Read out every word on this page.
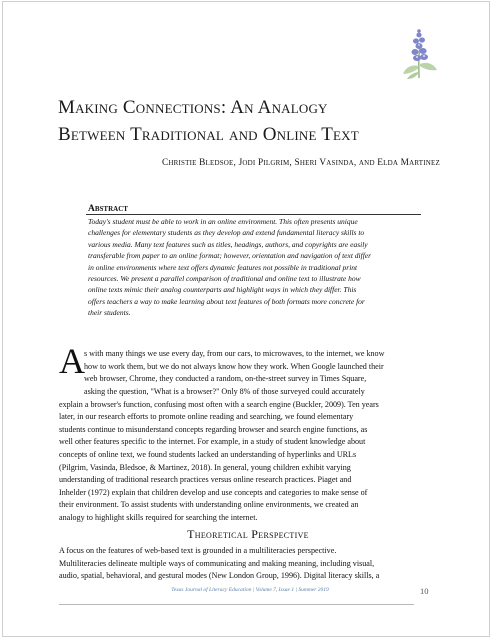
Making Connections: An Analogy
Between Traditional and Online Text
Christie Bledsoe, Jodi Pilgrim, Sheri Vasinda, and Elda Martinez
Abstract
Today's student must be able to work in an online environment. This often presents unique
challenges for elementary students as they develop and extend fundamental literacy skills to
various media. Many text features such as titles, headings, authors, and copyrights are easily
transferable from paper to an online format; however, orientation and navigation of text differ
in online environments where text offers dynamic features not possible in traditional print
resources. We present a parallel comparison of traditional and online text to illustrate how
online texts mimic their analog counterparts and highlight ways in which they differ. This
offers teachers a way to make learning about text features of both formats more concrete for
their students.
A s with many things we use every day, from our cars, to microwaves, to the internet, we know
how to work them, but we do not always know how they work. When Google launched their
web browser, Chrome, they conducted a random, on-the-street survey in Times Square,
asking the question, "What is a browser?" Only 8% of those surveyed could accurately
explain a browser's function, confusing most often with a search engine (Buckler, 2009). Ten years
later, in our research efforts to promote online reading and searching, we found elementary
students continue to misunderstand concepts regarding browser and search engine functions, as
well other features specific to the internet. For example, in a study of student knowledge about
concepts of online text, we found students lacked an understanding of hyperlinks and URLs
(Pilgrim, Vasinda, Bledsoe, & Martinez, 2018). In general, young children exhibit varying
understanding of traditional research practices versus online research practices. Piaget and
Inhelder (1972) explain that children develop and use concepts and categories to make sense of
their environment. To assist students with understanding online environments, we created an
analogy to highlight skills required for searching the internet.
Theoretical Perspective
A focus on the features of web-based text is grounded in a multiliteracies perspective.
Multiliteracies delineate multiple ways of communicating and making meaning, including visual,
audio, spatial, behavioral, and gestural modes (New London Group, 1996). Digital literacy skills, a
Texas Journal of Literacy Education | Volume 7, Issue 1 | Summer 2019	10
